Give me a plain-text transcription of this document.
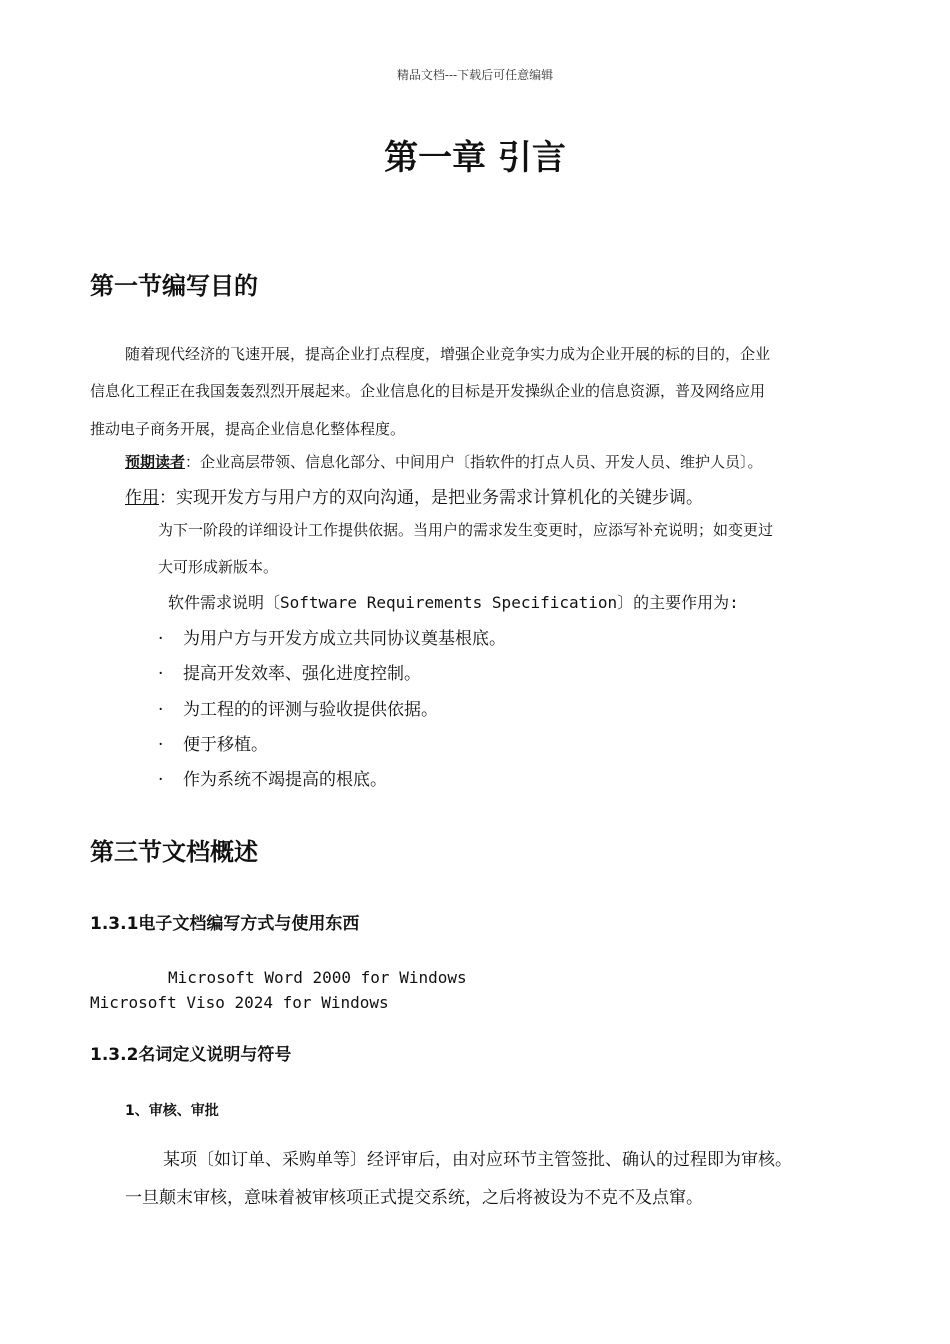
精品文档---下载后可任意编辑
第一章 引言
第一节编写目的
随着现代经济的飞速开展，提高企业打点程度，增强企业竞争实力成为企业开展的标的目的，企业
信息化工程正在我国轰轰烈烈开展起来。企业信息化的目标是开发操纵企业的信息资源，普及网络应用
推动电子商务开展，提高企业信息化整体程度。
预期读者：企业高层带领、信息化部分、中间用户〔指软件的打点人员、开发人员、维护人员〕。
作用：实现开发方与用户方的双向沟通，是把业务需求计算机化的关键步调。
为下一阶段的详细设计工作提供依据。当用户的需求发生变更时，应添写补充说明；如变更过
大可形成新版本。
软件需求说明〔Software Requirements Specification〕的主要作用为:
· 为用户方与开发方成立共同协议奠基根底。
· 提高开发效率、强化进度控制。
· 为工程的的评测与验收提供依据。
· 便于移植。
· 作为系统不竭提高的根底。
第三节文档概述
1.3.1电子文档编写方式与使用东西
Microsoft Word 2000 for Windows
Microsoft Viso 2024 for Windows
1.3.2名词定义说明与符号
1、审核、审批
某项〔如订单、采购单等〕经评审后，由对应环节主管签批、确认的过程即为审核。
一旦颠末审核，意味着被审核项正式提交系统，之后将被设为不克不及点窜。
